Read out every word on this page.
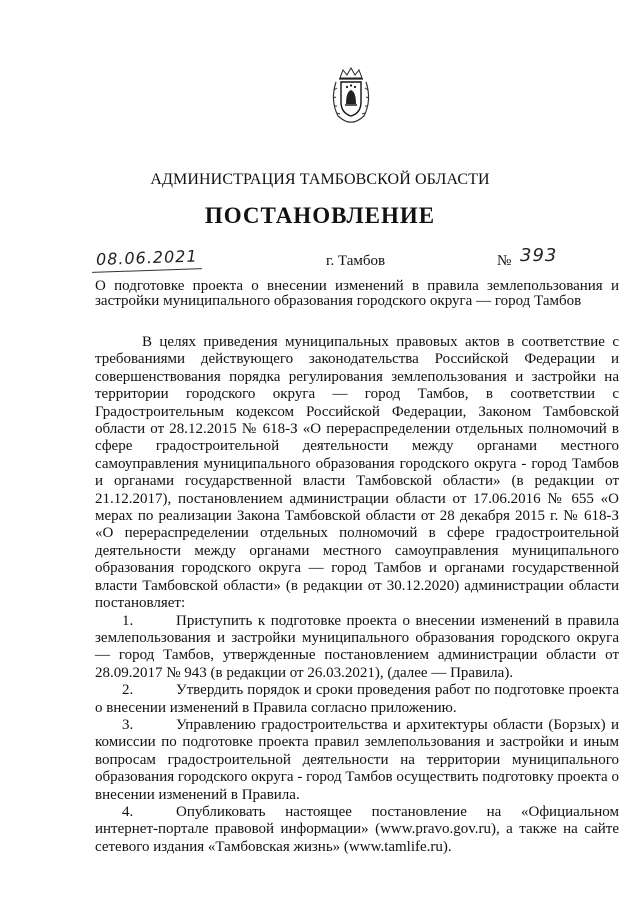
АДМИНИСТРАЦИЯ ТАМБОВСКОЙ ОБЛАСТИ
ПОСТАНОВЛЕНИЕ
08.06.2021	г. Тамбов	№ 393
О подготовке проекта о внесении изменений в правила землепользования и застройки муниципального образования городского округа — город Тамбов

В целях приведения муниципальных правовых актов в соответствие с требованиями действующего законодательства Российской Федерации и совершенствования порядка регулирования землепользования и застройки на территории городского округа — город Тамбов, в соответствии с Градостроительным кодексом Российской Федерации, Законом Тамбовской области от 28.12.2015 № 618-З «О перераспределении отдельных полномочий в сфере градостроительной деятельности между органами местного самоуправления муниципального образования городского округа - город Тамбов и органами государственной власти Тамбовской области» (в редакции от 21.12.2017), постановлением администрации области от 17.06.2016 № 655 «О мерах по реализации Закона Тамбовской области от 28 декабря 2015 г. № 618-З «О перераспределении отдельных полномочий в сфере градостроительной деятельности между органами местного самоуправления муниципального образования городского округа — город Тамбов и органами государственной власти Тамбовской области» (в редакции от 30.12.2020) администрации области постановляет:

1.	Приступить к подготовке проекта о внесении изменений в правила землепользования и застройки муниципального образования городского округа — город Тамбов, утвержденные постановлением администрации области от 28.09.2017 № 943 (в редакции от 26.03.2021), (далее — Правила).

2.	Утвердить порядок и сроки проведения работ по подготовке проекта о внесении изменений в Правила согласно приложению.

3.	Управлению градостроительства и архитектуры области (Борзых) и комиссии по подготовке проекта правил землепользования и застройки и иным вопросам градостроительной деятельности на территории муниципального образования городского округа - город Тамбов осуществить подготовку проекта о внесении изменений в Правила.

4.	Опубликовать настоящее постановление на «Официальном интернет-портале правовой информации» (www.pravo.gov.ru), а также на сайте сетевого издания «Тамбовская жизнь» (www.tamlife.ru).
